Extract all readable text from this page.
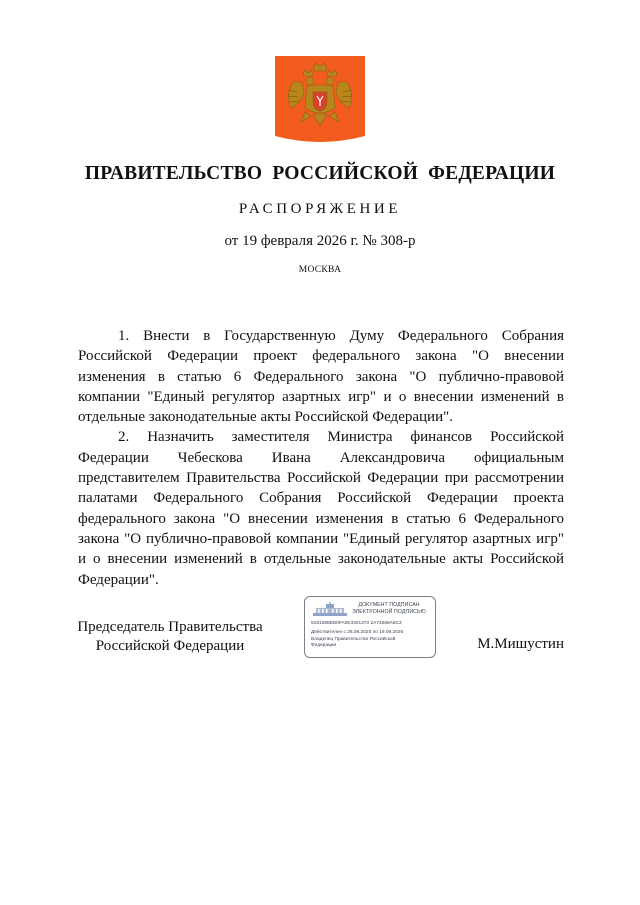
ПРАВИТЕЛЬСТВО РОССИЙСКОЙ ФЕДЕРАЦИИ
РАСПОРЯЖЕНИЕ
от 19 февраля 2026 г. № 308-р
МОСКВА

1. Внести в Государственную Думу Федерального Собрания Российской Федерации проект федерального закона "О внесении изменения в статью 6 Федерального закона "О публично-правовой компании "Единый регулятор азартных игр" и о внесении изменений в отдельные законодательные акты Российской Федерации".

2. Назначить заместителя Министра финансов Российской Федерации Чебескова Ивана Александровича официальным представителем Правительства Российской Федерации при рассмотрении палатами Федерального Собрания Российской Федерации проекта федерального закона "О внесении изменения в статью 6 Федерального закона "О публично-правовой компании "Единый регулятор азартных игр" и о внесении изменений в отдельные законодательные акты Российской Федерации".

Председатель Правительства
Российской Федерации
ДОКУМЕНТ ПОДПИСАН
ЭЛЕКТРОННОЙ ПОДПИСЬЮ
5181588EB0FA0E3401370 2A74668A8C3
Действителен с 26.06.2025 по 19.09.2026
Владелец Правительство Российской
Федерации	М.Мишустин
